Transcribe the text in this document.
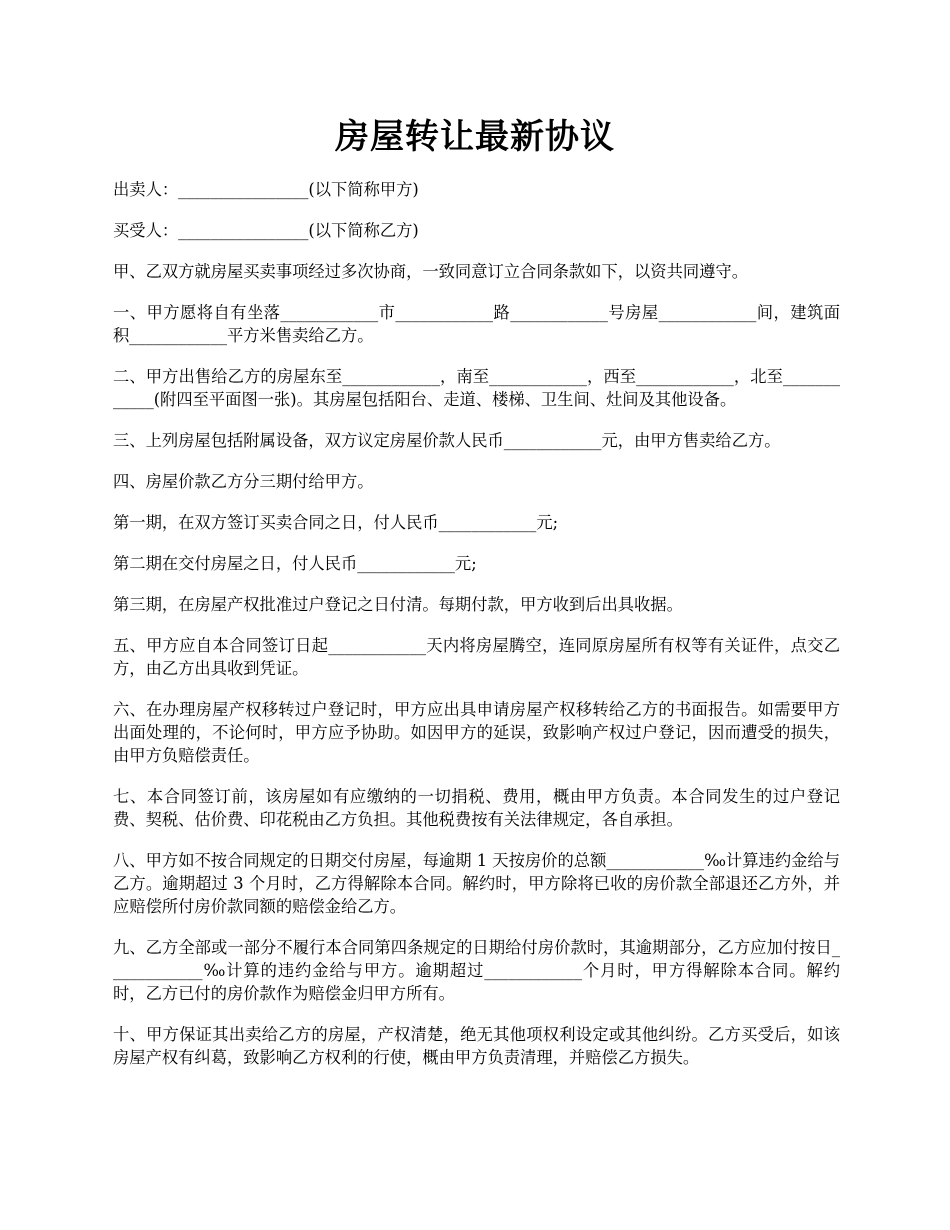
房屋转让最新协议

出卖人：________________(以下简称甲方)

买受人：________________(以下简称乙方)

甲、乙双方就房屋买卖事项经过多次协商，一致同意订立合同条款如下，以资共同遵守。

一、甲方愿将自有坐落____________市____________路____________号房屋____________间，建筑面积____________平方米售卖给乙方。

二、甲方出售给乙方的房屋东至____________，南至____________，西至____________，北至____________(附四至平面图一张)。其房屋包括阳台、走道、楼梯、卫生间、灶间及其他设备。

三、上列房屋包括附属设备，双方议定房屋价款人民币____________元，由甲方售卖给乙方。

四、房屋价款乙方分三期付给甲方。

第一期，在双方签订买卖合同之日，付人民币____________元;

第二期在交付房屋之日，付人民币____________元;

第三期，在房屋产权批准过户登记之日付清。每期付款，甲方收到后出具收据。

五、甲方应自本合同签订日起____________天内将房屋腾空，连同原房屋所有权等有关证件，点交乙方，由乙方出具收到凭证。

六、在办理房屋产权移转过户登记时，甲方应出具申请房屋产权移转给乙方的书面报告。如需要甲方出面处理的，不论何时，甲方应予协助。如因甲方的延误，致影响产权过户登记，因而遭受的损失，由甲方负赔偿责任。

七、本合同签订前，该房屋如有应缴纳的一切捐税、费用，概由甲方负责。本合同发生的过户登记费、契税、估价费、印花税由乙方负担。其他税费按有关法律规定，各自承担。

八、甲方如不按合同规定的日期交付房屋，每逾期 1 天按房价的总额____________‰计算违约金给与乙方。逾期超过 3 个月时，乙方得解除本合同。解约时，甲方除将已收的房价款全部退还乙方外，并应赔偿所付房价款同额的赔偿金给乙方。

九、乙方全部或一部分不履行本合同第四条规定的日期给付房价款时，其逾期部分，乙方应加付按日____________‰计算的违约金给与甲方。逾期超过____________个月时，甲方得解除本合同。解约时，乙方已付的房价款作为赔偿金归甲方所有。

十、甲方保证其出卖给乙方的房屋，产权清楚，绝无其他项权利设定或其他纠纷。乙方买受后，如该房屋产权有纠葛，致影响乙方权利的行使，概由甲方负责清理，并赔偿乙方损失。
